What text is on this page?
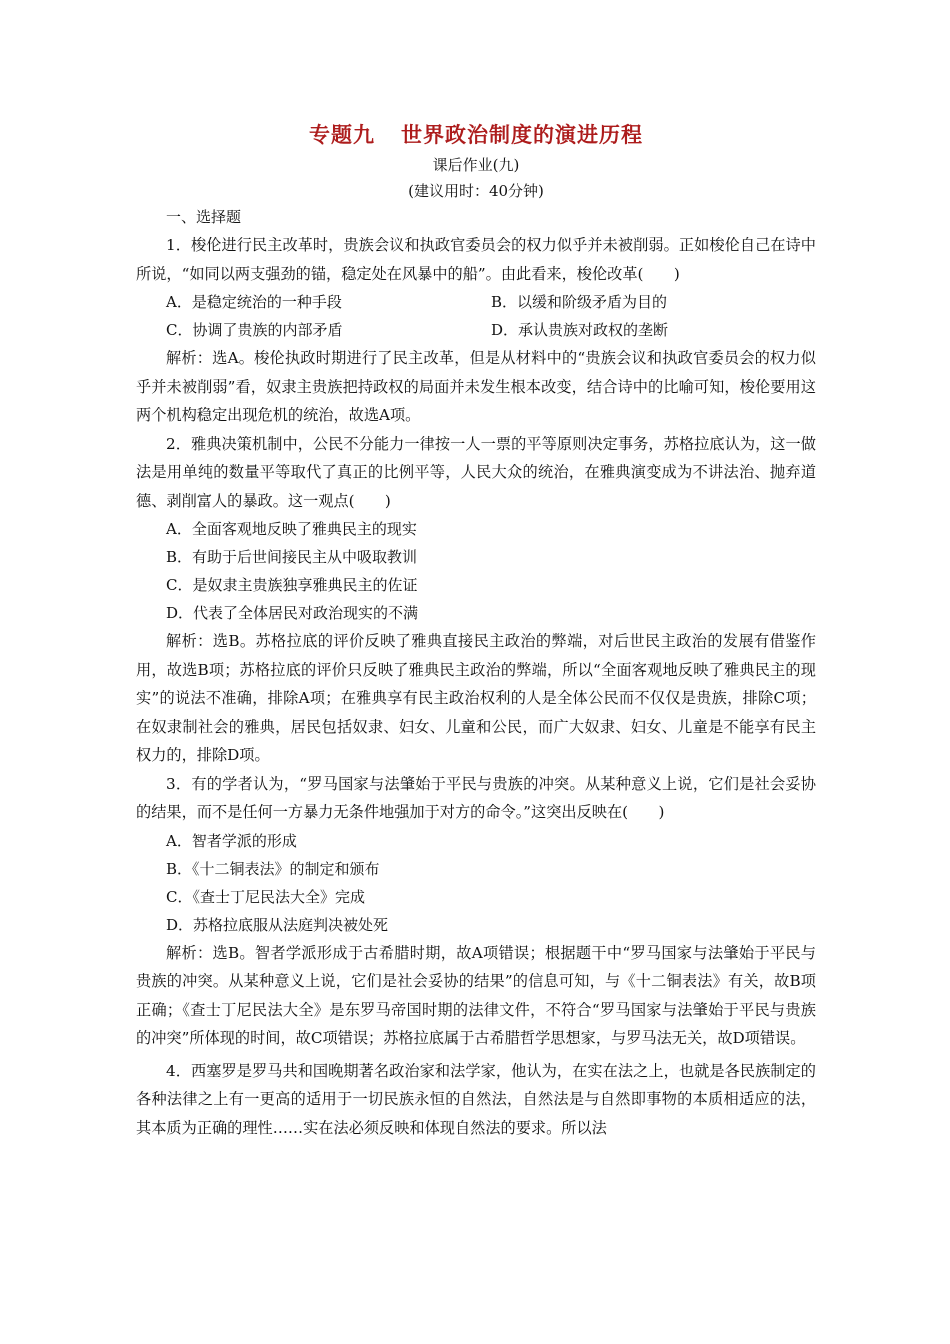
专题九 世界政治制度的演进历程
课后作业(九)
(建议用时：40分钟)
一、选择题

1．梭伦进行民主改革时，贵族会议和执政官委员会的权力似乎并未被削弱。正如梭伦自己在诗中所说，“如同以两支强劲的锚，稳定处在风暴中的船”。由此看来，梭伦改革(　　)

A．是稳定统治的一种手段	B．以缓和阶级矛盾为目的
C．协调了贵族的内部矛盾	D．承认贵族对政权的垄断

解析：选A。梭伦执政时期进行了民主改革，但是从材料中的“贵族会议和执政官委员会的权力似乎并未被削弱”看，奴隶主贵族把持政权的局面并未发生根本改变，结合诗中的比喻可知，梭伦要用这两个机构稳定出现危机的统治，故选A项。

2．雅典决策机制中，公民不分能力一律按一人一票的平等原则决定事务，苏格拉底认为，这一做法是用单纯的数量平等取代了真正的比例平等，人民大众的统治，在雅典演变成为不讲法治、抛弃道德、剥削富人的暴政。这一观点(　　)

A．全面客观地反映了雅典民主的现实
B．有助于后世间接民主从中吸取教训
C．是奴隶主贵族独享雅典民主的佐证
D．代表了全体居民对政治现实的不满

解析：选B。苏格拉底的评价反映了雅典直接民主政治的弊端，对后世民主政治的发展有借鉴作用，故选B项；苏格拉底的评价只反映了雅典民主政治的弊端，所以“全面客观地反映了雅典民主的现实”的说法不准确，排除A项；在雅典享有民主政治权利的人是全体公民而不仅仅是贵族，排除C项；在奴隶制社会的雅典，居民包括奴隶、妇女、儿童和公民，而广大奴隶、妇女、儿童是不能享有民主权力的，排除D项。

3．有的学者认为，“罗马国家与法肇始于平民与贵族的冲突。从某种意义上说，它们是社会妥协的结果，而不是任何一方暴力无条件地强加于对方的命令。”这突出反映在(　　)

A．智者学派的形成
B．《十二铜表法》的制定和颁布
C．《查士丁尼民法大全》完成
D．苏格拉底服从法庭判决被处死

解析：选B。智者学派形成于古希腊时期，故A项错误；根据题干中“罗马国家与法肇始于平民与贵族的冲突。从某种意义上说，它们是社会妥协的结果”的信息可知，与《十二铜表法》有关，故B项正确；《查士丁尼民法大全》是东罗马帝国时期的法律文件，不符合“罗马国家与法肇始于平民与贵族的冲突”所体现的时间，故C项错误；苏格拉底属于古希腊哲学思想家，与罗马法无关，故D项错误。

4．西塞罗是罗马共和国晚期著名政治家和法学家，他认为，在实在法之上，也就是各民族制定的各种法律之上有一更高的适用于一切民族永恒的自然法，自然法是与自然即事物的本质相适应的法，其本质为正确的理性……实在法必须反映和体现自然法的要求。所以法
